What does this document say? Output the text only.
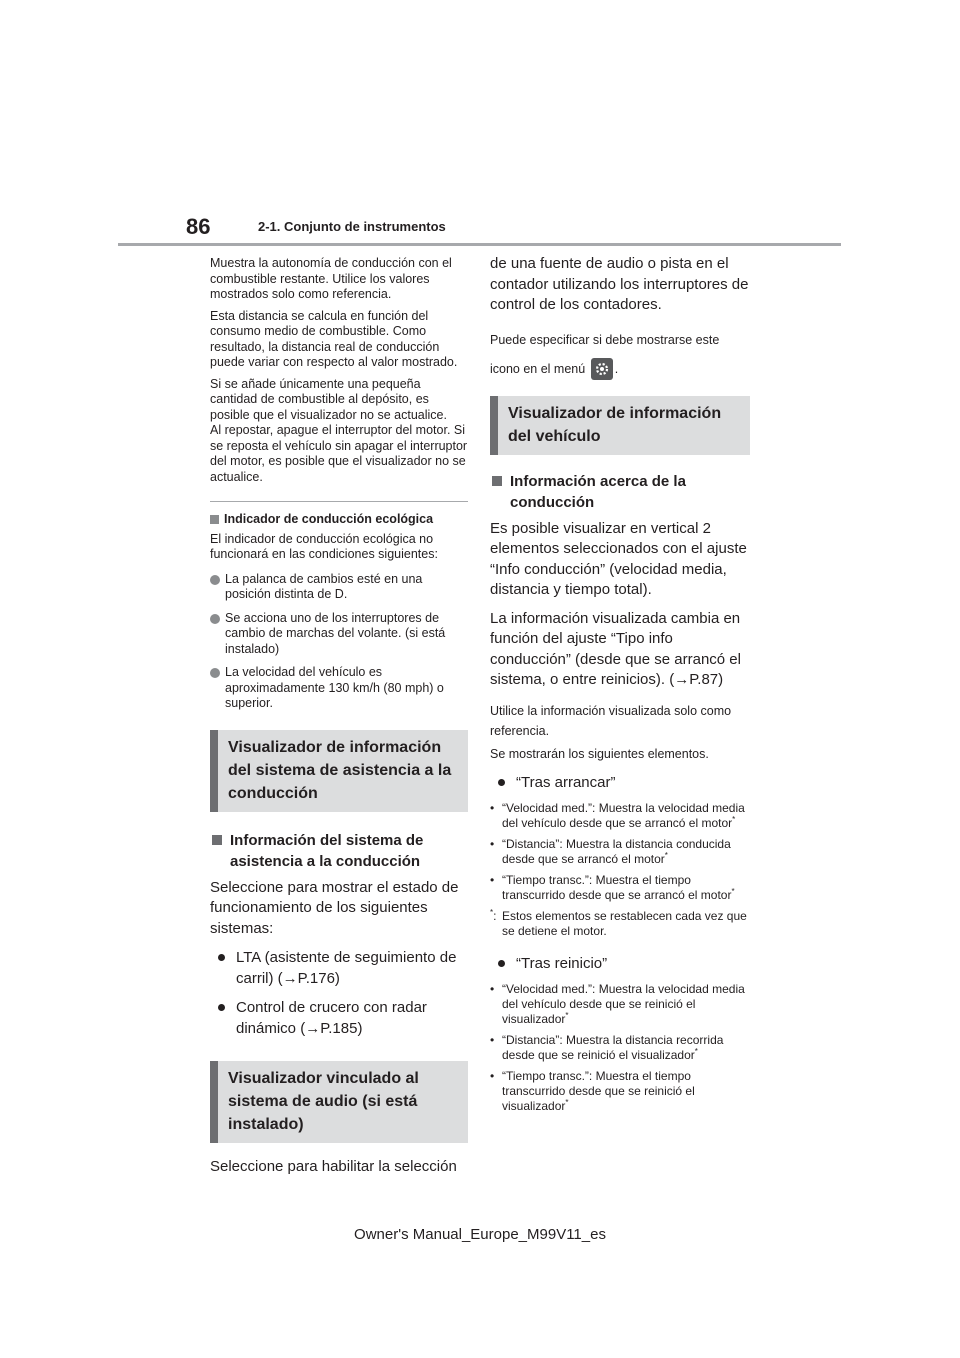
86	2-1. Conjunto de instrumentos

Muestra la autonomía de conducción con el combustible restante. Utilice los valores mostrados solo como referencia.

Esta distancia se calcula en función del consumo medio de combustible. Como resultado, la distancia real de conducción puede variar con respecto al valor mostrado.

Si se añade únicamente una pequeña cantidad de combustible al depósito, es posible que el visualizador no se actualice.

Al repostar, apague el interruptor del motor. Si se reposta el vehículo sin apagar el interruptor del motor, es posible que el visualizador no se actualice.

Indicador de conducción ecológica

El indicador de conducción ecológica no funcionará en las condiciones siguientes:

La palanca de cambios esté en una posición distinta de D.
Se acciona uno de los interruptores de cambio de marchas del volante. (si está instalado)
La velocidad del vehículo es aproximadamente 130 km/h (80 mph) o superior.
Visualizador de información del sistema de asistencia a la conducción
Información del sistema de asistencia a la conducción

Seleccione para mostrar el estado de funcionamiento de los siguientes sistemas:

LTA (asistente de seguimiento de carril) (→P.176)
Control de crucero con radar dinámico (→P.185)
Visualizador vinculado al sistema de audio (si está instalado)

Seleccione para habilitar la selección

de una fuente de audio o pista en el contador utilizando los interruptores de control de los contadores.

Puede especificar si debe mostrarse este icono en el menú .

Visualizador de información del vehículo
Información acerca de la conducción

Es posible visualizar en vertical 2 elementos seleccionados con el ajuste “Info conducción” (velocidad media, distancia y tiempo total).

La información visualizada cambia en función del ajuste “Tipo info conducción” (desde que se arrancó el sistema, o entre reinicios). (→P.87)

Utilice la información visualizada solo como referencia.

Se mostrarán los siguientes elementos.

“Tras arrancar”
• “Velocidad med.”: Muestra la velocidad media del vehículo desde que se arrancó el motor*
• “Distancia”: Muestra la distancia conducida desde que se arrancó el motor*
• “Tiempo transc.”: Muestra el tiempo transcurrido desde que se arrancó el motor*
*: Estos elementos se restablecen cada vez que se detiene el motor.
“Tras reinicio”
• “Velocidad med.”: Muestra la velocidad media del vehículo desde que se reinició el visualizador*
• “Distancia”: Muestra la distancia recorrida desde que se reinició el visualizador*
• “Tiempo transc.”: Muestra el tiempo transcurrido desde que se reinició el visualizador*
Owner's Manual_Europe_M99V11_es
